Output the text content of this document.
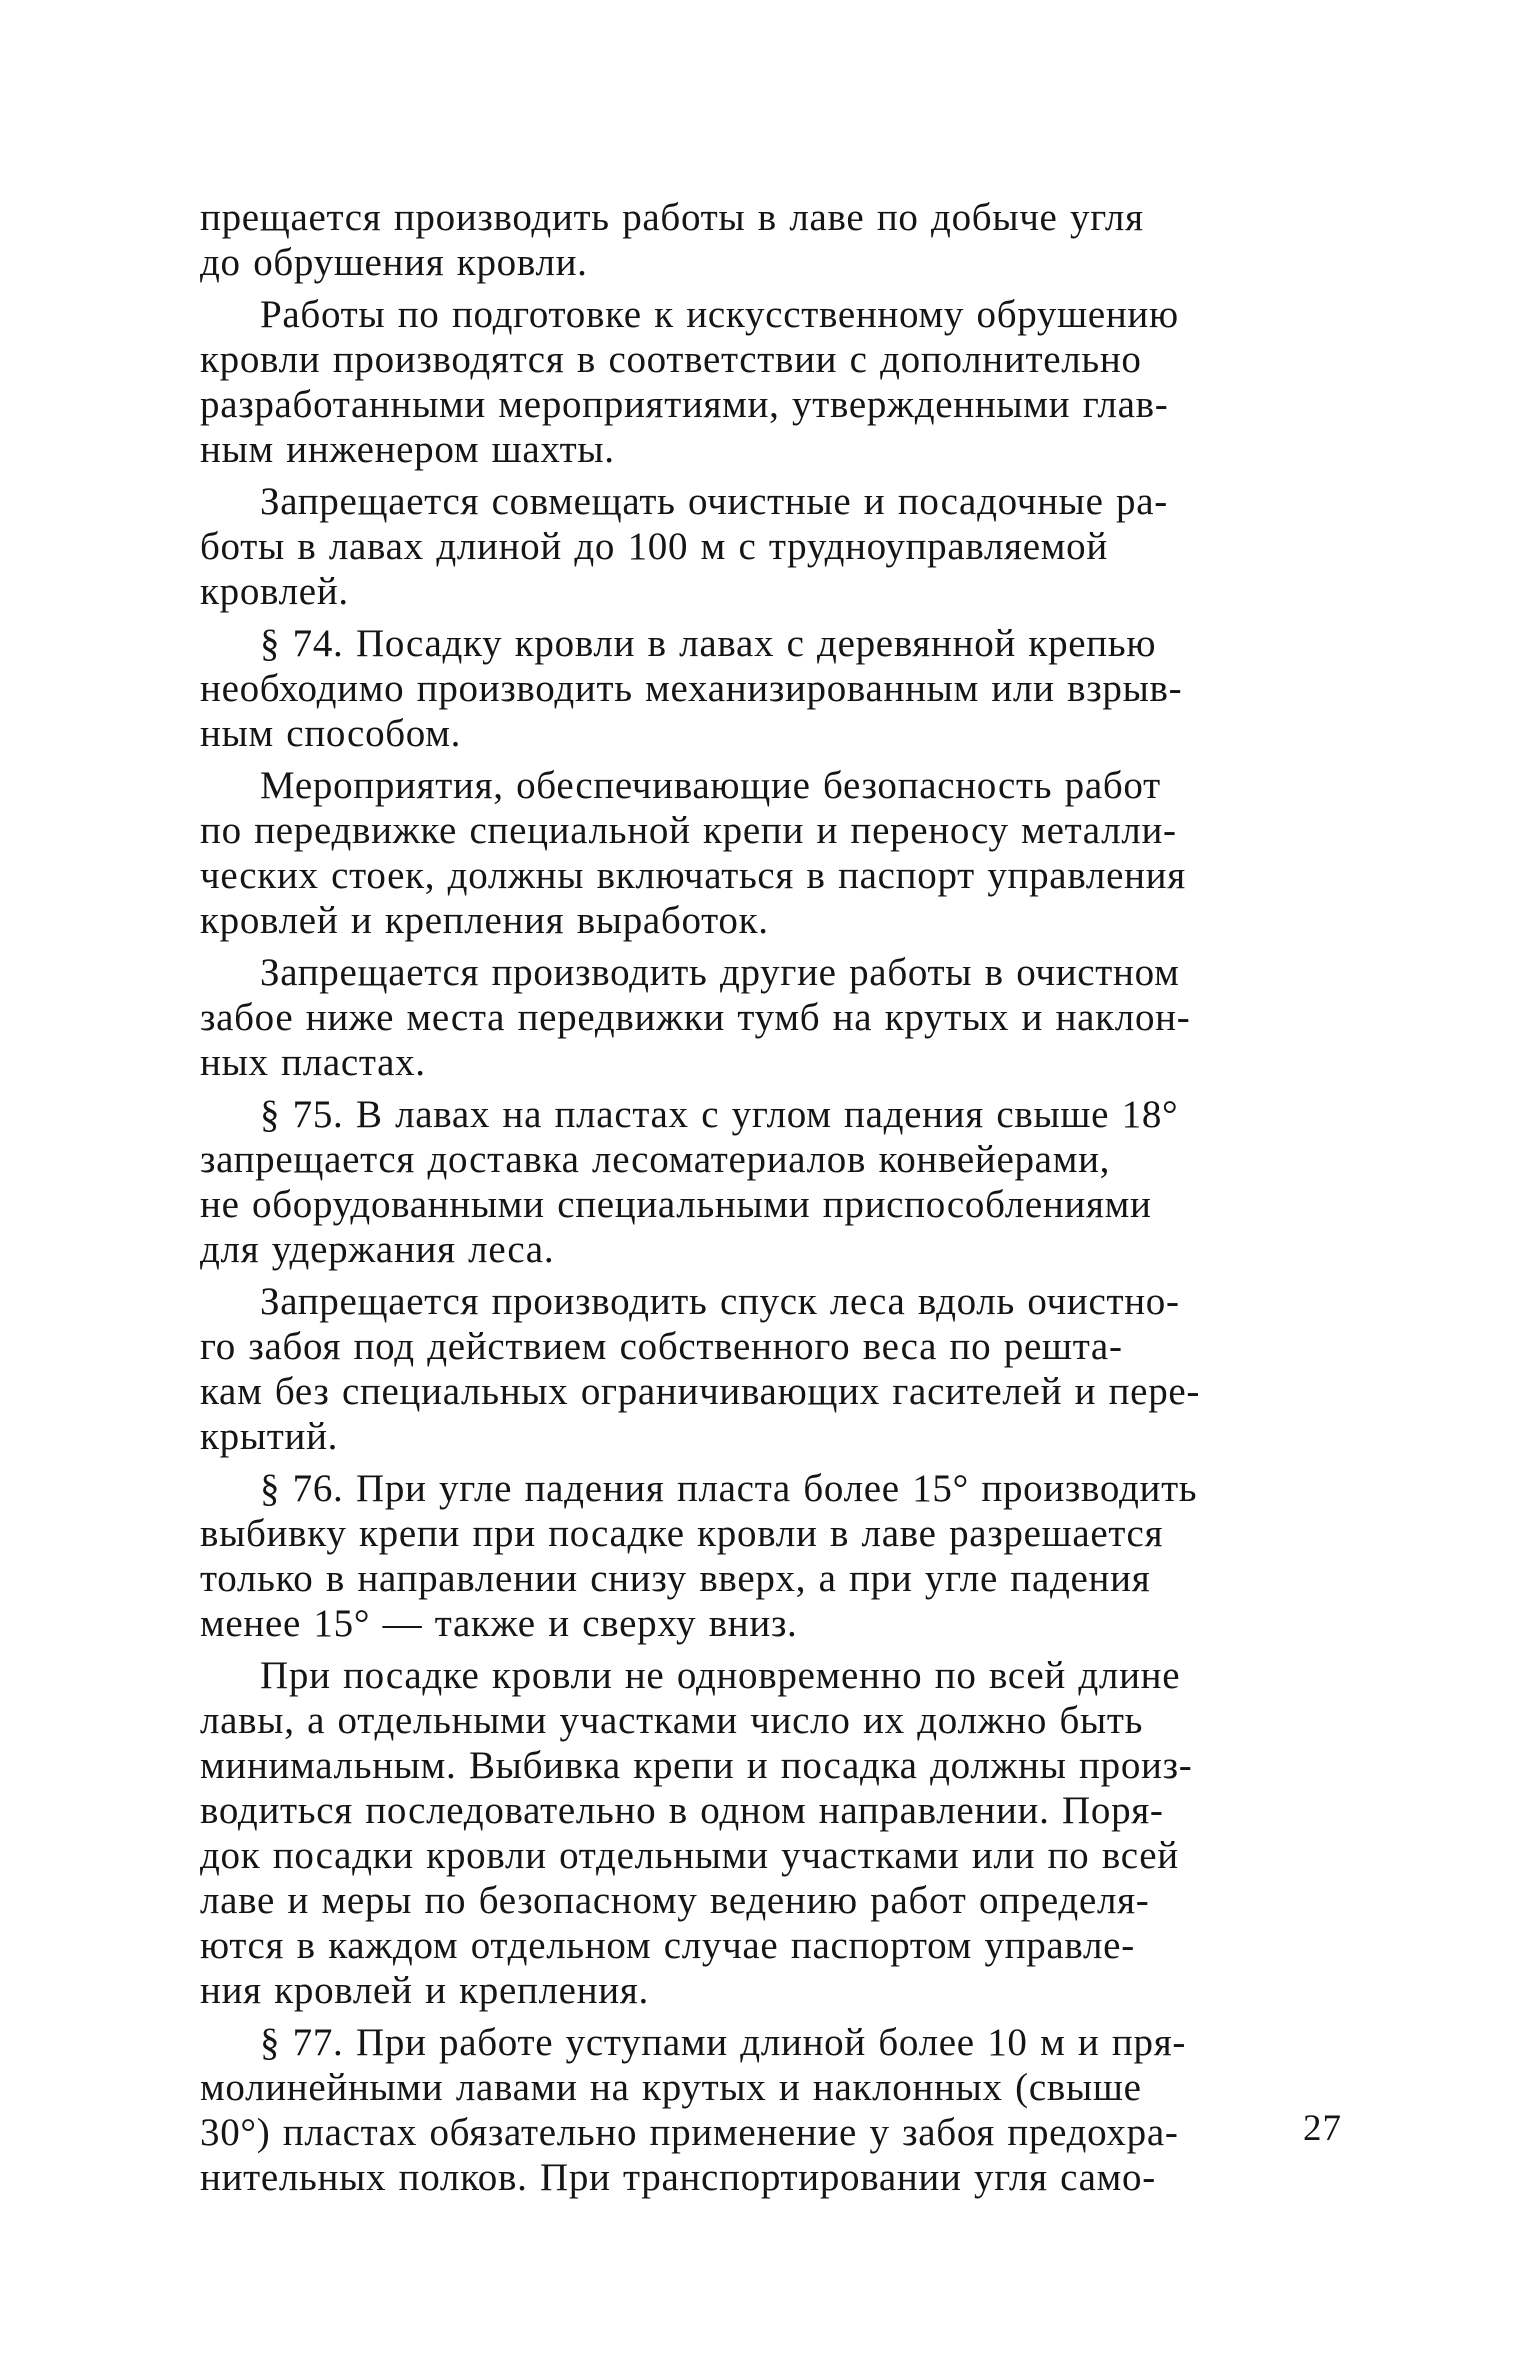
прещается производить работы в лаве по добыче угля
до обрушения кровли.

Работы по подготовке к искусственному обрушению
кровли производятся в соответствии с дополнительно
разработанными мероприятиями, утвержденными глав-
ным инженером шахты.

Запрещается совмещать очистные и посадочные ра-
боты в лавах длиной до 100 м с трудноуправляемой
кровлей.

§ 74. Посадку кровли в лавах с деревянной крепью
необходимо производить механизированным или взрыв-
ным способом.

Мероприятия, обеспечивающие безопасность работ
по передвижке специальной крепи и переносу металли-
ческих стоек, должны включаться в паспорт управления
кровлей и крепления выработок.

Запрещается производить другие работы в очистном
забое ниже места передвижки тумб на крутых и наклон-
ных пластах.

§ 75. В лавах на пластах с углом падения свыше 18°
запрещается доставка лесоматериалов конвейерами,
не оборудованными специальными приспособлениями
для удержания леса.

Запрещается производить спуск леса вдоль очистно-
го забоя под действием собственного веса по решта-
кам без специальных ограничивающих гасителей и пере-
крытий.

§ 76. При угле падения пласта более 15° производить
выбивку крепи при посадке кровли в лаве разрешается
только в направлении снизу вверх, а при угле падения
менее 15° — также и сверху вниз.

При посадке кровли не одновременно по всей длине
лавы, а отдельными участками число их должно быть
минимальным. Выбивка крепи и посадка должны произ-
водиться последовательно в одном направлении. Поря-
док посадки кровли отдельными участками или по всей
лаве и меры по безопасному ведению работ определя-
ются в каждом отдельном случае паспортом управле-
ния кровлей и крепления.

§ 77. При работе уступами длиной более 10 м и пря-
молинейными лавами на крутых и наклонных (свыше
30°) пластах обязательно применение у забоя предохра-
нительных полков. При транспортировании угля само-

27
